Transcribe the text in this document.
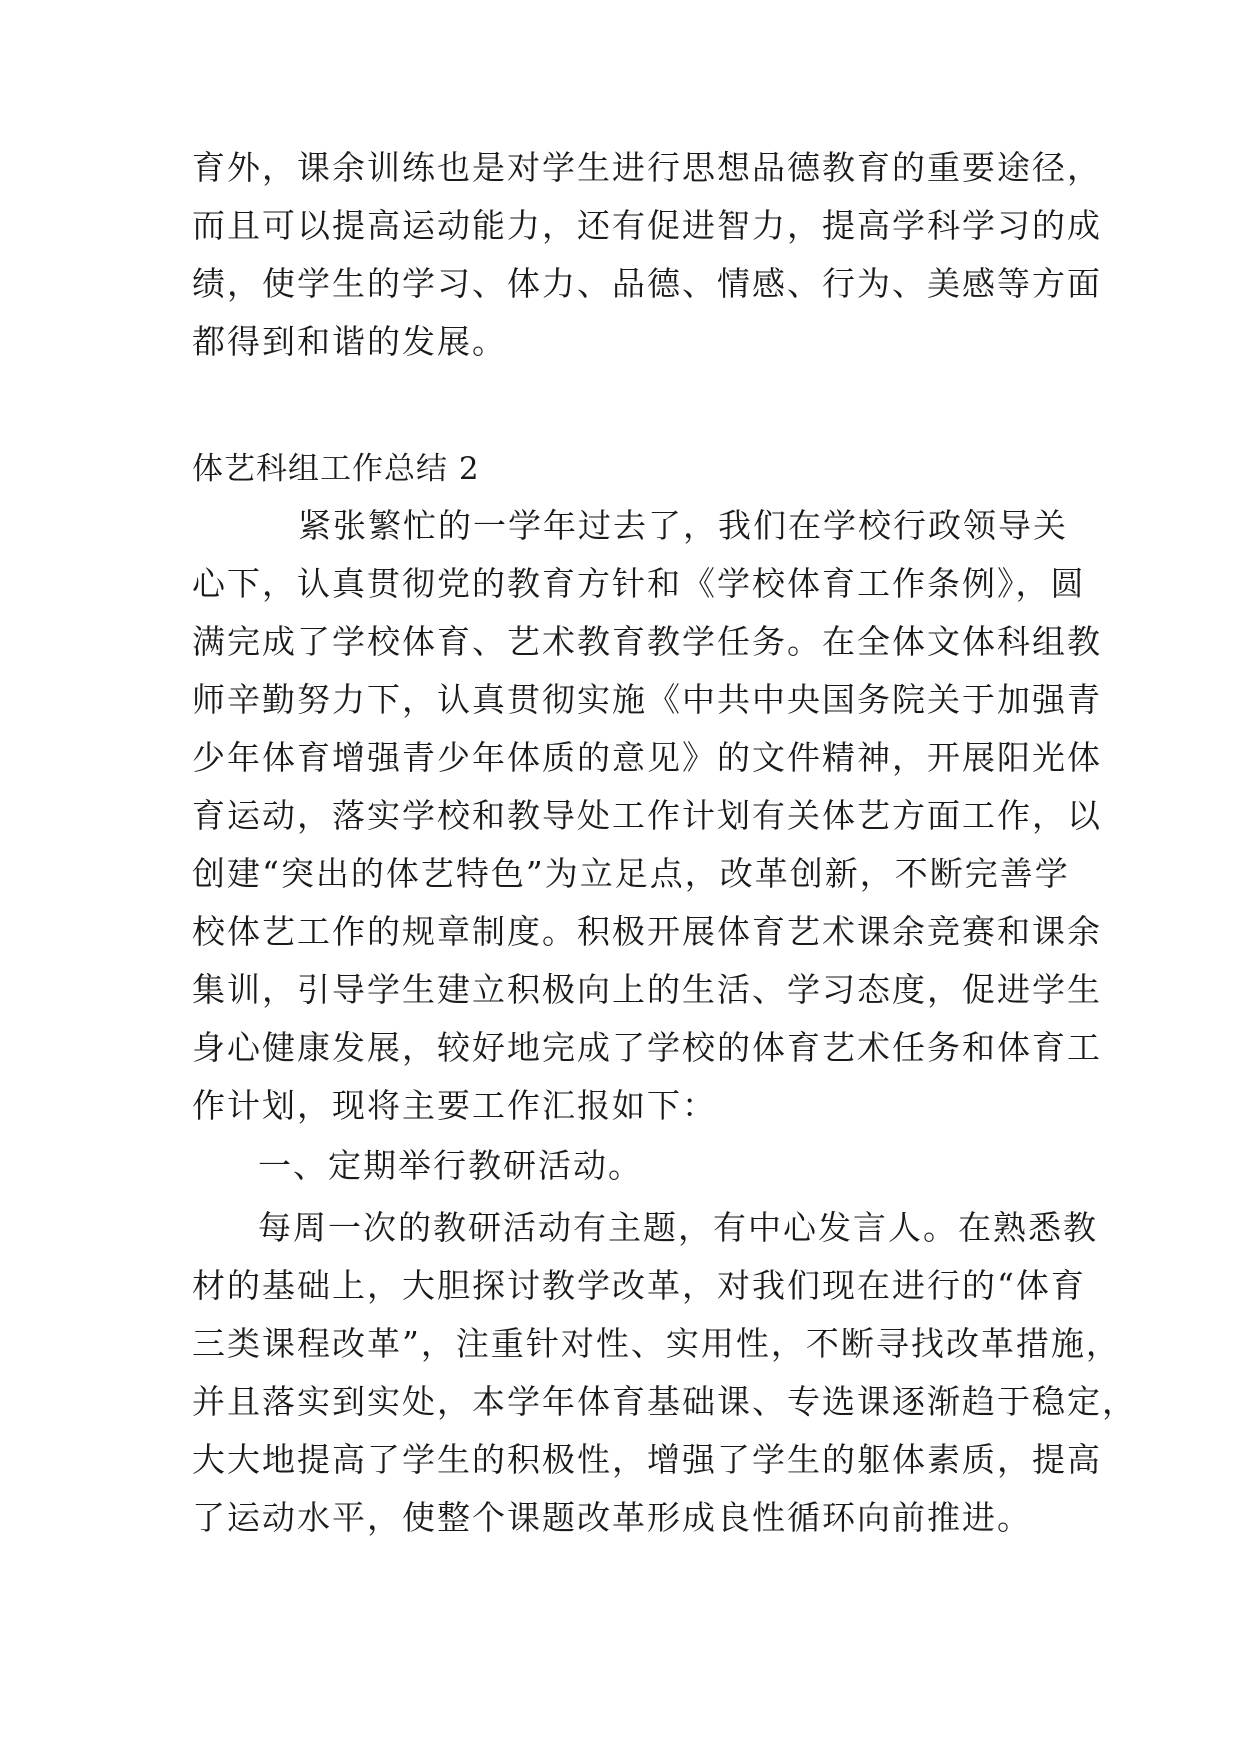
育外，课余训练也是对学生进行思想品德教育的重要途径，
而且可以提高运动能力，还有促进智力，提高学科学习的成
绩，使学生的学习、体力、品德、情感、行为、美感等方面
都得到和谐的发展。
体艺科组工作总结 2
紧张繁忙的一学年过去了，我们在学校行政领导关
心下，认真贯彻党的教育方针和《学校体育工作条例》，圆
满完成了学校体育、艺术教育教学任务。在全体文体科组教
师辛勤努力下，认真贯彻实施《中共中央国务院关于加强青
少年体育增强青少年体质的意见》的文件精神，开展阳光体
育运动，落实学校和教导处工作计划有关体艺方面工作，以
创建“突出的体艺特色”为立足点，改革创新，不断完善学
校体艺工作的规章制度。积极开展体育艺术课余竞赛和课余
集训，引导学生建立积极向上的生活、学习态度，促进学生
身心健康发展，较好地完成了学校的体育艺术任务和体育工
作计划，现将主要工作汇报如下：
一、定期举行教研活动。
每周一次的教研活动有主题，有中心发言人。在熟悉教
材的基础上，大胆探讨教学改革，对我们现在进行的“体育
三类课程改革”，注重针对性、实用性，不断寻找改革措施，
并且落实到实处，本学年体育基础课、专选课逐渐趋于稳定，
大大地提高了学生的积极性，增强了学生的躯体素质，提高
了运动水平，使整个课题改革形成良性循环向前推进。
